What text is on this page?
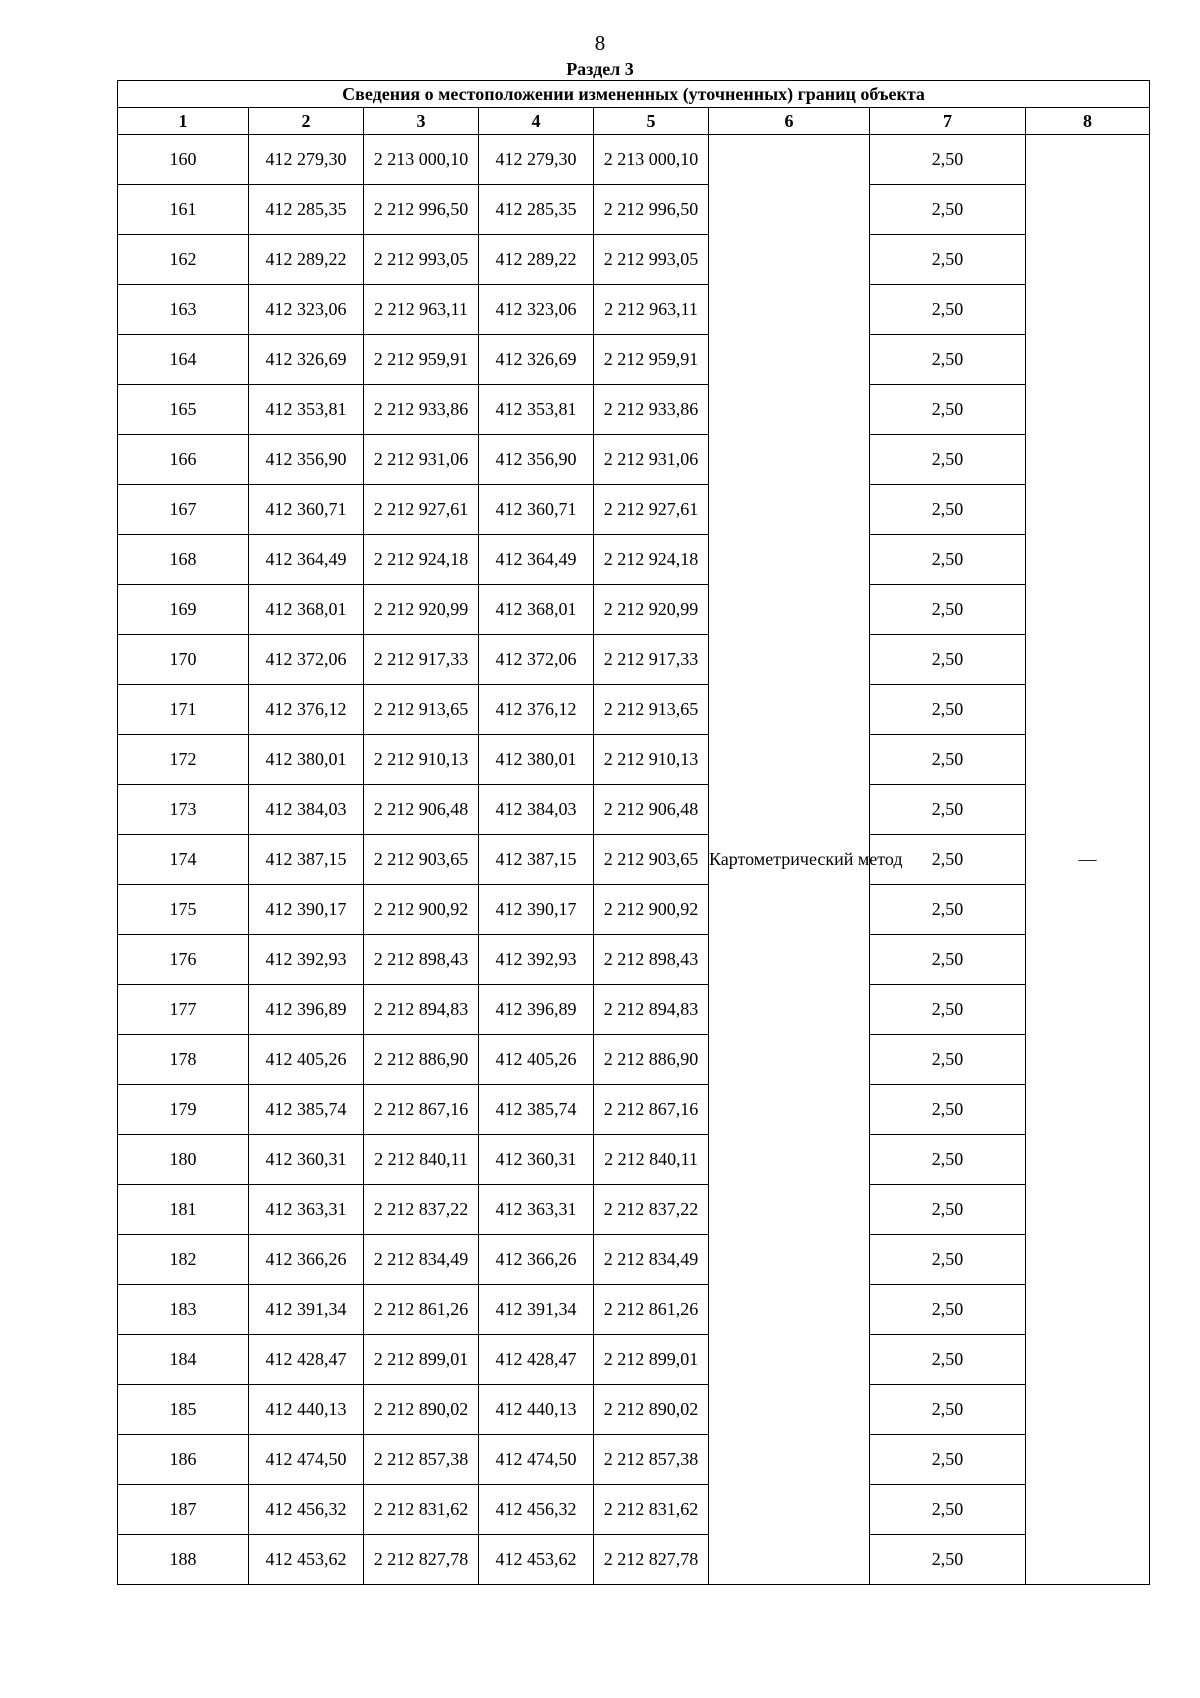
8
Раздел 3
Сведения о местоположении измененных (уточненных) границ объекта							
1	2	3	4	5	6	7	8
160	412 279,30	2 213 000,10	412 279,30	2 213 000,10	Картометрический метод	2,50	—
161	412 285,35	2 212 996,50	412 285,35	2 212 996,50		2,50	
162	412 289,22	2 212 993,05	412 289,22	2 212 993,05		2,50	
163	412 323,06	2 212 963,11	412 323,06	2 212 963,11		2,50	
164	412 326,69	2 212 959,91	412 326,69	2 212 959,91		2,50	
165	412 353,81	2 212 933,86	412 353,81	2 212 933,86		2,50	
166	412 356,90	2 212 931,06	412 356,90	2 212 931,06		2,50	
167	412 360,71	2 212 927,61	412 360,71	2 212 927,61		2,50	
168	412 364,49	2 212 924,18	412 364,49	2 212 924,18		2,50	
169	412 368,01	2 212 920,99	412 368,01	2 212 920,99		2,50	
170	412 372,06	2 212 917,33	412 372,06	2 212 917,33		2,50	
171	412 376,12	2 212 913,65	412 376,12	2 212 913,65		2,50	
172	412 380,01	2 212 910,13	412 380,01	2 212 910,13		2,50	
173	412 384,03	2 212 906,48	412 384,03	2 212 906,48		2,50	
174	412 387,15	2 212 903,65	412 387,15	2 212 903,65		2,50	
175	412 390,17	2 212 900,92	412 390,17	2 212 900,92		2,50	
176	412 392,93	2 212 898,43	412 392,93	2 212 898,43		2,50	
177	412 396,89	2 212 894,83	412 396,89	2 212 894,83		2,50	
178	412 405,26	2 212 886,90	412 405,26	2 212 886,90		2,50	
179	412 385,74	2 212 867,16	412 385,74	2 212 867,16		2,50	
180	412 360,31	2 212 840,11	412 360,31	2 212 840,11		2,50	
181	412 363,31	2 212 837,22	412 363,31	2 212 837,22		2,50	
182	412 366,26	2 212 834,49	412 366,26	2 212 834,49		2,50	
183	412 391,34	2 212 861,26	412 391,34	2 212 861,26		2,50	
184	412 428,47	2 212 899,01	412 428,47	2 212 899,01		2,50	
185	412 440,13	2 212 890,02	412 440,13	2 212 890,02		2,50	
186	412 474,50	2 212 857,38	412 474,50	2 212 857,38		2,50	
187	412 456,32	2 212 831,62	412 456,32	2 212 831,62		2,50	
188	412 453,62	2 212 827,78	412 453,62	2 212 827,78		2,50	
